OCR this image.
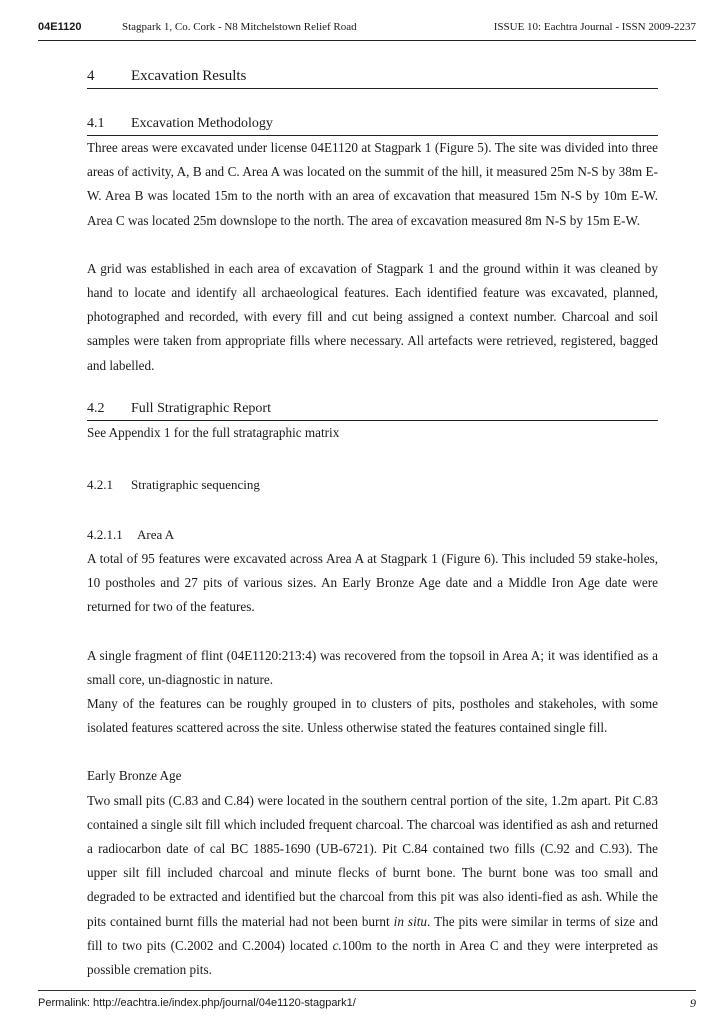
04E1120	Stagpark 1, Co. Cork - N8 Mitchelstown Relief Road	ISSUE 10: Eachtra Journal - ISSN 2009-2237
4 Excavation Results
4.1 Excavation Methodology

Three areas were excavated under license 04E1120 at Stagpark 1 (Figure 5). The site was divided into three areas of activity, A, B and C. Area A was located on the summit of the hill, it measured 25m N-S by 38m E-W. Area B was located 15m to the north with an area of excavation that measured 15m N-S by 10m E-W. Area C was located 25m downslope to the north. The area of excavation measured 8m N-S by 15m E-W.

A grid was established in each area of excavation of Stagpark 1 and the ground within it was cleaned by hand to locate and identify all archaeological features. Each identified feature was excavated, planned, photographed and recorded, with every fill and cut being assigned a context number. Charcoal and soil samples were taken from appropriate fills where necessary. All artefacts were retrieved, registered, bagged and labelled.

4.2 Full Stratigraphic Report

See Appendix 1 for the full stratagraphic matrix

4.2.1 Stratigraphic sequencing
4.2.1.1 Area A

A total of 95 features were excavated across Area A at Stagpark 1 (Figure 6). This included 59 stake-holes, 10 postholes and 27 pits of various sizes. An Early Bronze Age date and a Middle Iron Age date were returned for two of the features.

A single fragment of flint (04E1120:213:4) was recovered from the topsoil in Area A; it was identified as a small core, un-diagnostic in nature.

Many of the features can be roughly grouped in to clusters of pits, postholes and stakeholes, with some isolated features scattered across the site. Unless otherwise stated the features contained single fill.

Early Bronze Age

Two small pits (C.83 and C.84) were located in the southern central portion of the site, 1.2m apart. Pit C.83 contained a single silt fill which included frequent charcoal. The charcoal was identified as ash and returned a radiocarbon date of cal BC 1885-1690 (UB-6721). Pit C.84 contained two fills (C.92 and C.93). The upper silt fill included charcoal and minute flecks of burnt bone. The burnt bone was too small and degraded to be extracted and identified but the charcoal from this pit was also identi-fied as ash. While the pits contained burnt fills the material had not been burnt in situ. The pits were similar in terms of size and fill to two pits (C.2002 and C.2004) located c.100m to the north in Area C and they were interpreted as possible cremation pits.

Permalink: http://eachtra.ie/index.php/journal/04e1120-stagpark1/	9
